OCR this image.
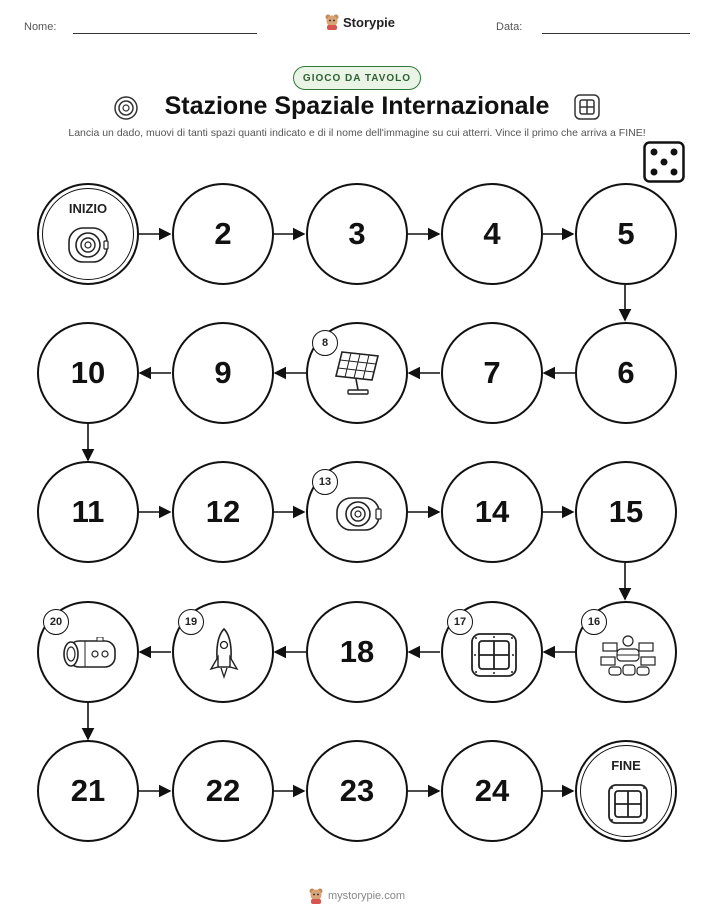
Nome:	Storypie	Data:
GIOCO DA TAVOLO
Stazione Spaziale Internazionale
Lancia un dado, muovi di tanti spazi quanti indicato e di il nome dell'immagine su cui atterri. Vince il primo che arriva a FINE!
INIZIO
2	3	4	5
10	9
8
7	6
11	12
13
14	15
20	19
18
17	16
21	22	23	24
FINE
mystorypie.com
